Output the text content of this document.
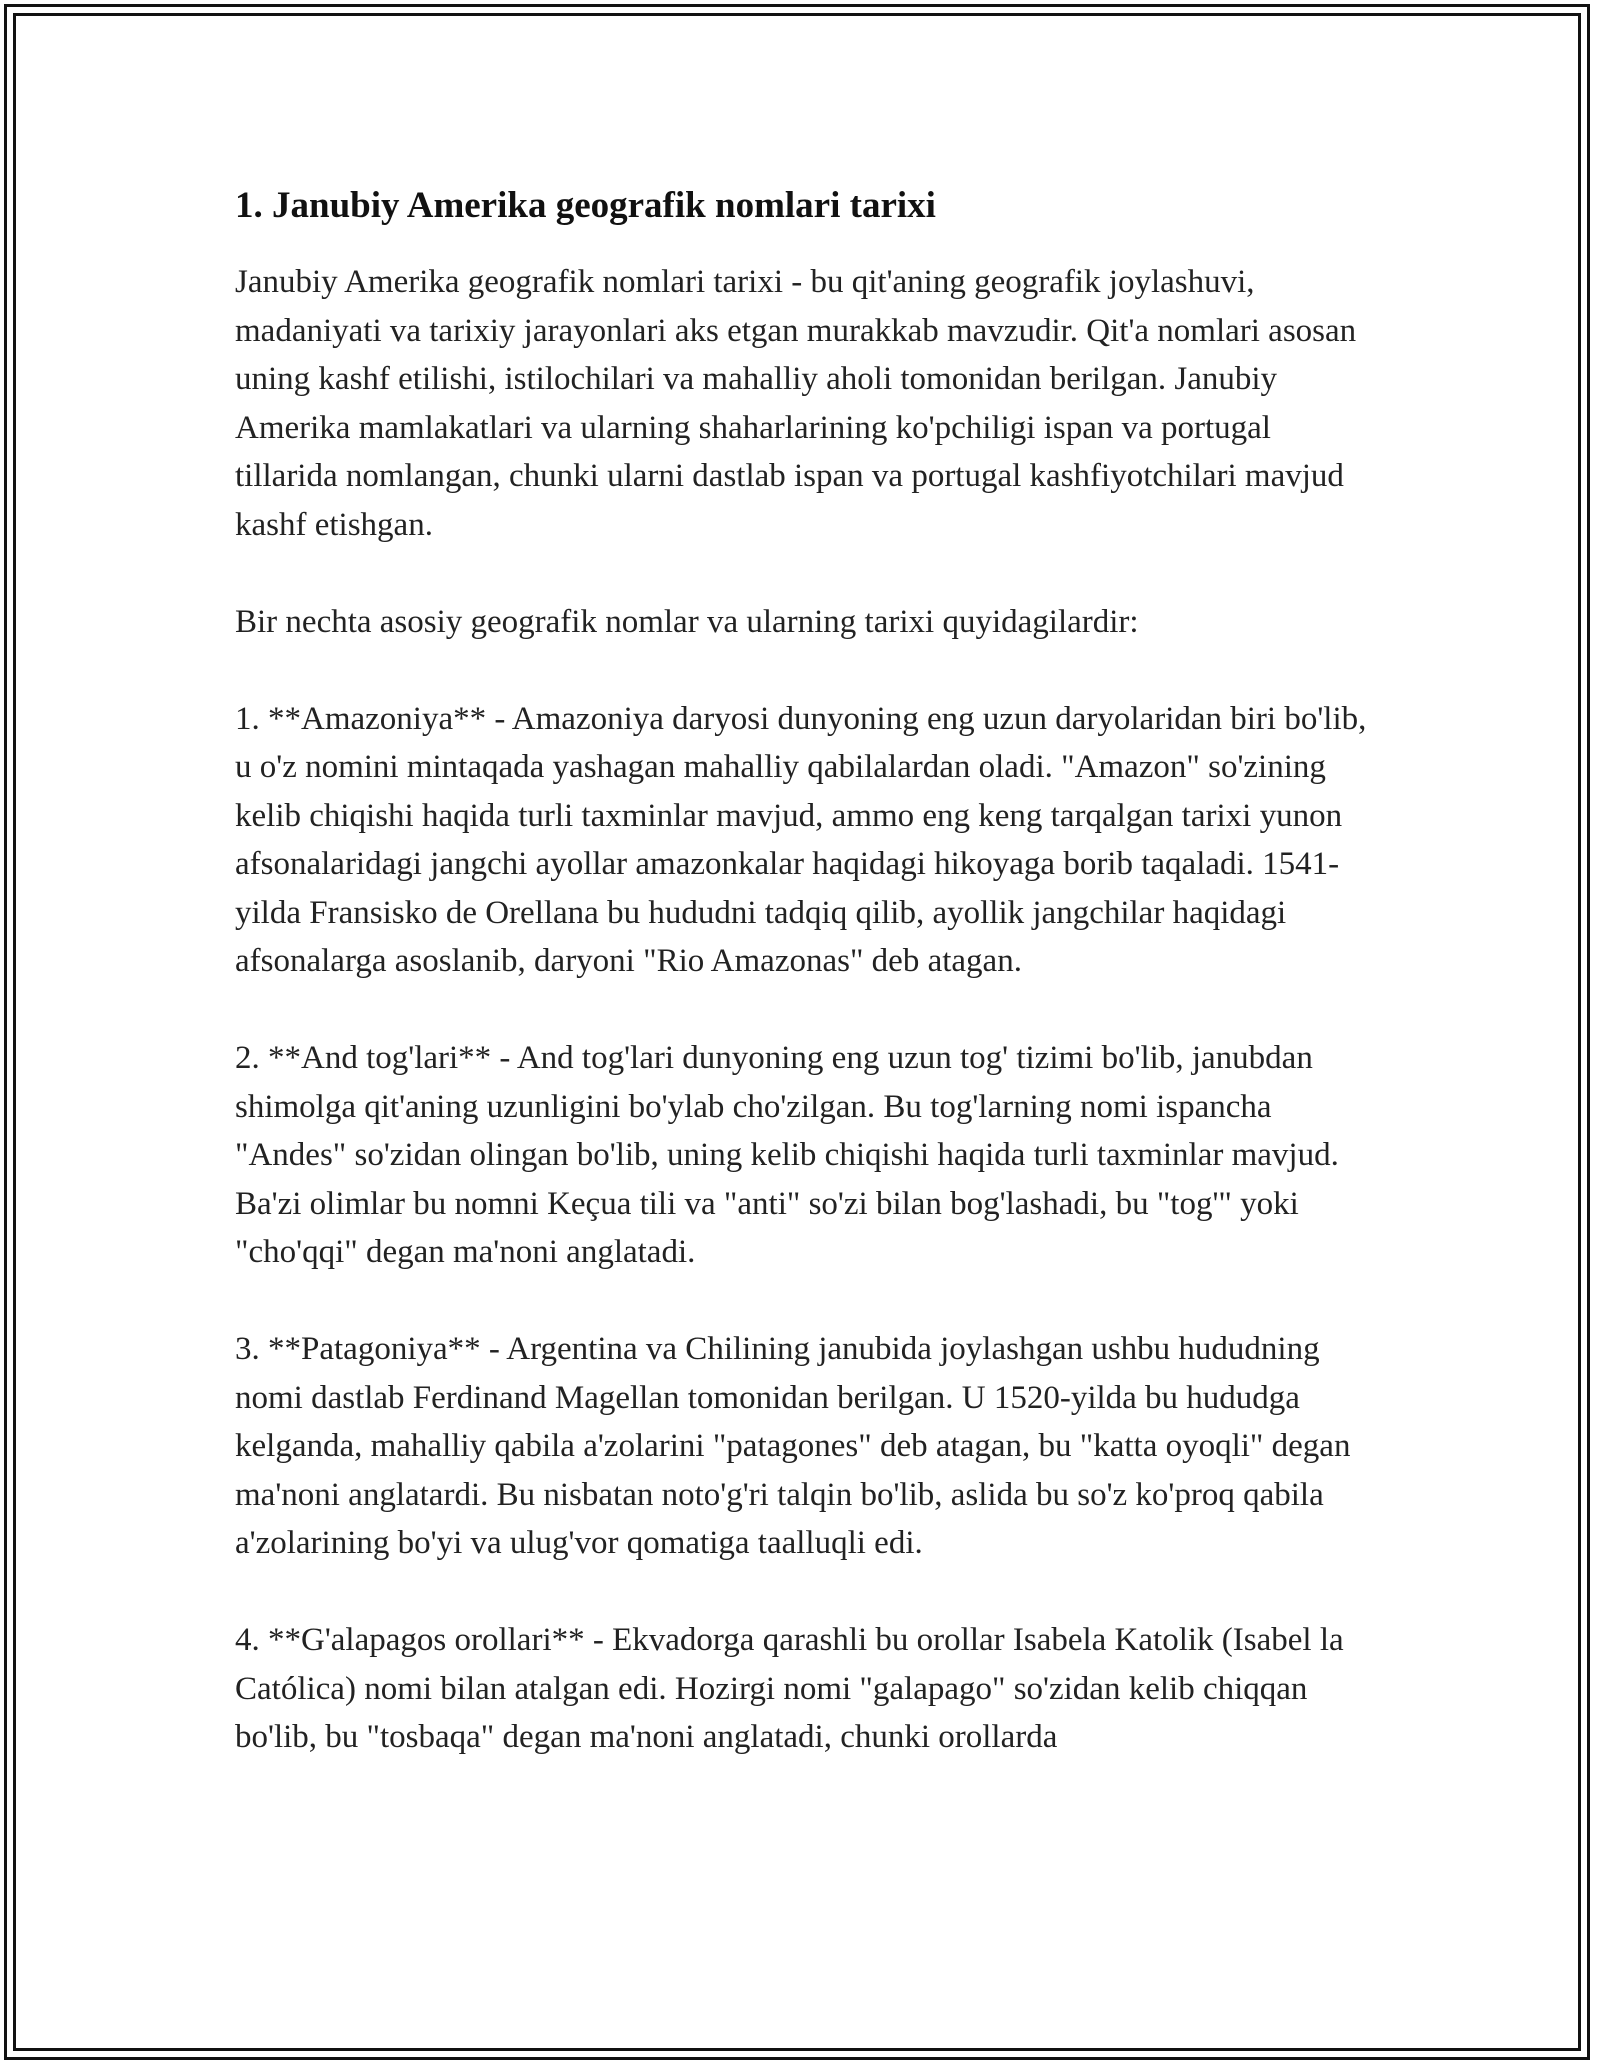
1. Janubiy Amerika geografik nomlari tarixi

Janubiy Amerika geografik nomlari tarixi - bu qit'aning geografik joylashuvi, madaniyati va tarixiy jarayonlari aks etgan murakkab mavzudir. Qit'a nomlari asosan uning kashf etilishi, istilochilari va mahalliy aholi tomonidan berilgan. Janubiy Amerika mamlakatlari va ularning shaharlarining ko'pchiligi ispan va portugal tillarida nomlangan, chunki ularni dastlab ispan va portugal kashfiyotchilari mavjud kashf etishgan.

Bir nechta asosiy geografik nomlar va ularning tarixi quyidagilardir:

1. **Amazoniya** - Amazoniya daryosi dunyoning eng uzun daryolaridan biri bo'lib, u o'z nomini mintaqada yashagan mahalliy qabilalardan oladi. "Amazon" so'zining kelib chiqishi haqida turli taxminlar mavjud, ammo eng keng tarqalgan tarixi yunon afsonalaridagi jangchi ayollar amazonkalar haqidagi hikoyaga borib taqaladi. 1541-yilda Fransisko de Orellana bu hududni tadqiq qilib, ayollik jangchilar haqidagi afsonalarga asoslanib, daryoni "Rio Amazonas" deb atagan.

2. **And tog'lari** - And tog'lari dunyoning eng uzun tog' tizimi bo'lib, janubdan shimolga qit'aning uzunligini bo'ylab cho'zilgan. Bu tog'larning nomi ispancha "Andes" so'zidan olingan bo'lib, uning kelib chiqishi haqida turli taxminlar mavjud. Ba'zi olimlar bu nomni Keçua tili va "anti" so'zi bilan bog'lashadi, bu "tog'" yoki "cho'qqi" degan ma'noni anglatadi.

3. **Patagoniya** - Argentina va Chilining janubida joylashgan ushbu hududning nomi dastlab Ferdinand Magellan tomonidan berilgan. U 1520-yilda bu hududga kelganda, mahalliy qabila a'zolarini "patagones" deb atagan, bu "katta oyoqli" degan ma'noni anglatardi. Bu nisbatan noto'g'ri talqin bo'lib, aslida bu so'z ko'proq qabila a'zolarining bo'yi va ulug'vor qomatiga taalluqli edi.

4. **G'alapagos orollari** - Ekvadorga qarashli bu orollar Isabela Katolik (Isabel la Católica) nomi bilan atalgan edi. Hozirgi nomi "galapago" so'zidan kelib chiqqan bo'lib, bu "tosbaqa" degan ma'noni anglatadi, chunki orollarda
